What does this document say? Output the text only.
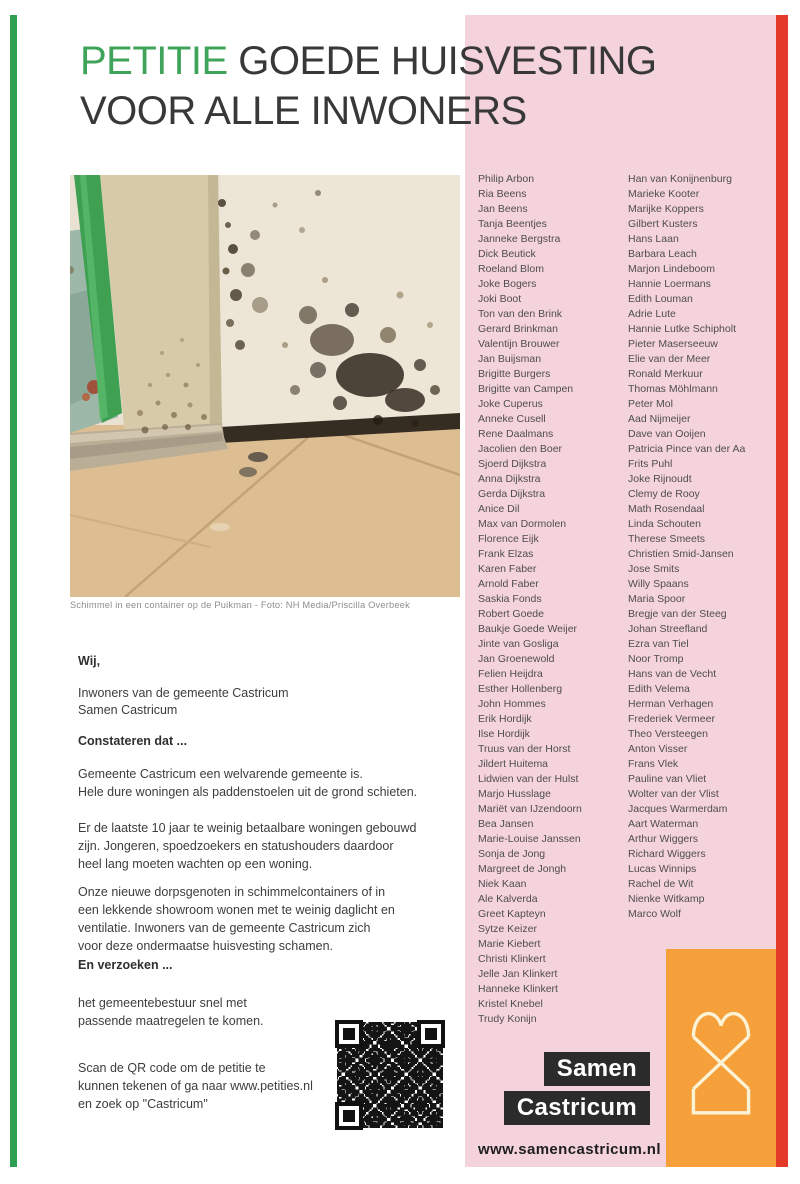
PETITIE GOEDE HUISVESTING
VOOR ALLE INWONERS
Schimmel in een container op de Puikman - Foto: NH Media/Priscilla Overbeek
Wij,
Inwoners van de gemeente Castricum
Samen Castricum
Constateren dat ...
Gemeente Castricum een welvarende gemeente is.
Hele dure woningen als paddenstoelen uit de grond schieten.
Er de laatste 10 jaar te weinig betaalbare woningen gebouwd
zijn. Jongeren, spoedzoekers en statushouders daardoor
heel lang moeten wachten op een woning.
Onze nieuwe dorpsgenoten in schimmelcontainers of in
een lekkende showroom wonen met te weinig daglicht en
ventilatie. Inwoners van de gemeente Castricum zich
voor deze ondermaatse huisvesting schamen.
En verzoeken ...
het gemeentebestuur snel met
passende maatregelen te komen.
Scan de QR code om de petitie te
kunnen tekenen of ga naar www.petities.nl
en zoek op "Castricum"
Philip Arbon
Ria Beens
Jan Beens
Tanja Beentjes
Janneke Bergstra
Dick Beutick
Roeland Blom
Joke Bogers
Joki Boot
Ton van den Brink
Gerard Brinkman
Valentijn Brouwer
Jan Buijsman
Brigitte Burgers
Brigitte van Campen
Joke Cuperus
Anneke Cusell
Rene Daalmans
Jacolien den Boer
Sjoerd Dijkstra
Anna Dijkstra
Gerda Dijkstra
Anice Dil
Max van Dormolen
Florence Eijk
Frank Elzas
Karen Faber
Arnold Faber
Saskia Fonds
Robert Goede
Baukje Goede Weijer
Jinte van Gosliga
Jan Groenewold
Felien Heijdra
Esther Hollenberg
John Hommes
Erik Hordijk
Ilse Hordijk
Truus van der Horst
Jildert Huitema
Lidwien van der Hulst
Marjo Husslage
Mariët van IJzendoorn
Bea Jansen
Marie-Louise Janssen
Sonja de Jong
Margreet de Jongh
Niek Kaan
Ale Kalverda
Greet Kapteyn
Sytze Keizer
Marie Kiebert
Christi Klinkert
Jelle Jan Klinkert
Hanneke Klinkert
Kristel Knebel
Trudy Konijn
Han van Konijnenburg
Marieke Kooter
Marijke Koppers
Gilbert Kusters
Hans Laan
Barbara Leach
Marjon Lindeboom
Hannie Loermans
Edith Louman
Adrie Lute
Hannie Lutke Schipholt
Pieter Maserseeuw
Elie van der Meer
Ronald Merkuur
Thomas Möhlmann
Peter Mol
Aad Nijmeijer
Dave van Ooijen
Patricia Pince van der Aa
Frits Puhl
Joke Rijnoudt
Clemy de Rooy
Math Rosendaal
Linda Schouten
Therese Smeets
Christien Smid-Jansen
Jose Smits
Willy Spaans
Maria Spoor
Bregje van der Steeg
Johan Streefland
Ezra van Tiel
Noor Tromp
Hans van de Vecht
Edith Velema
Herman Verhagen
Frederiek Vermeer
Theo Versteegen
Anton Visser
Frans Vlek
Pauline van Vliet
Wolter van der Vlist
Jacques Warmerdam
Aart Waterman
Arthur Wiggers
Richard Wiggers
Lucas Winnips
Rachel de Wit
Nienke Witkamp
Marco Wolf
Samen
Castricum
www.samencastricum.nl
